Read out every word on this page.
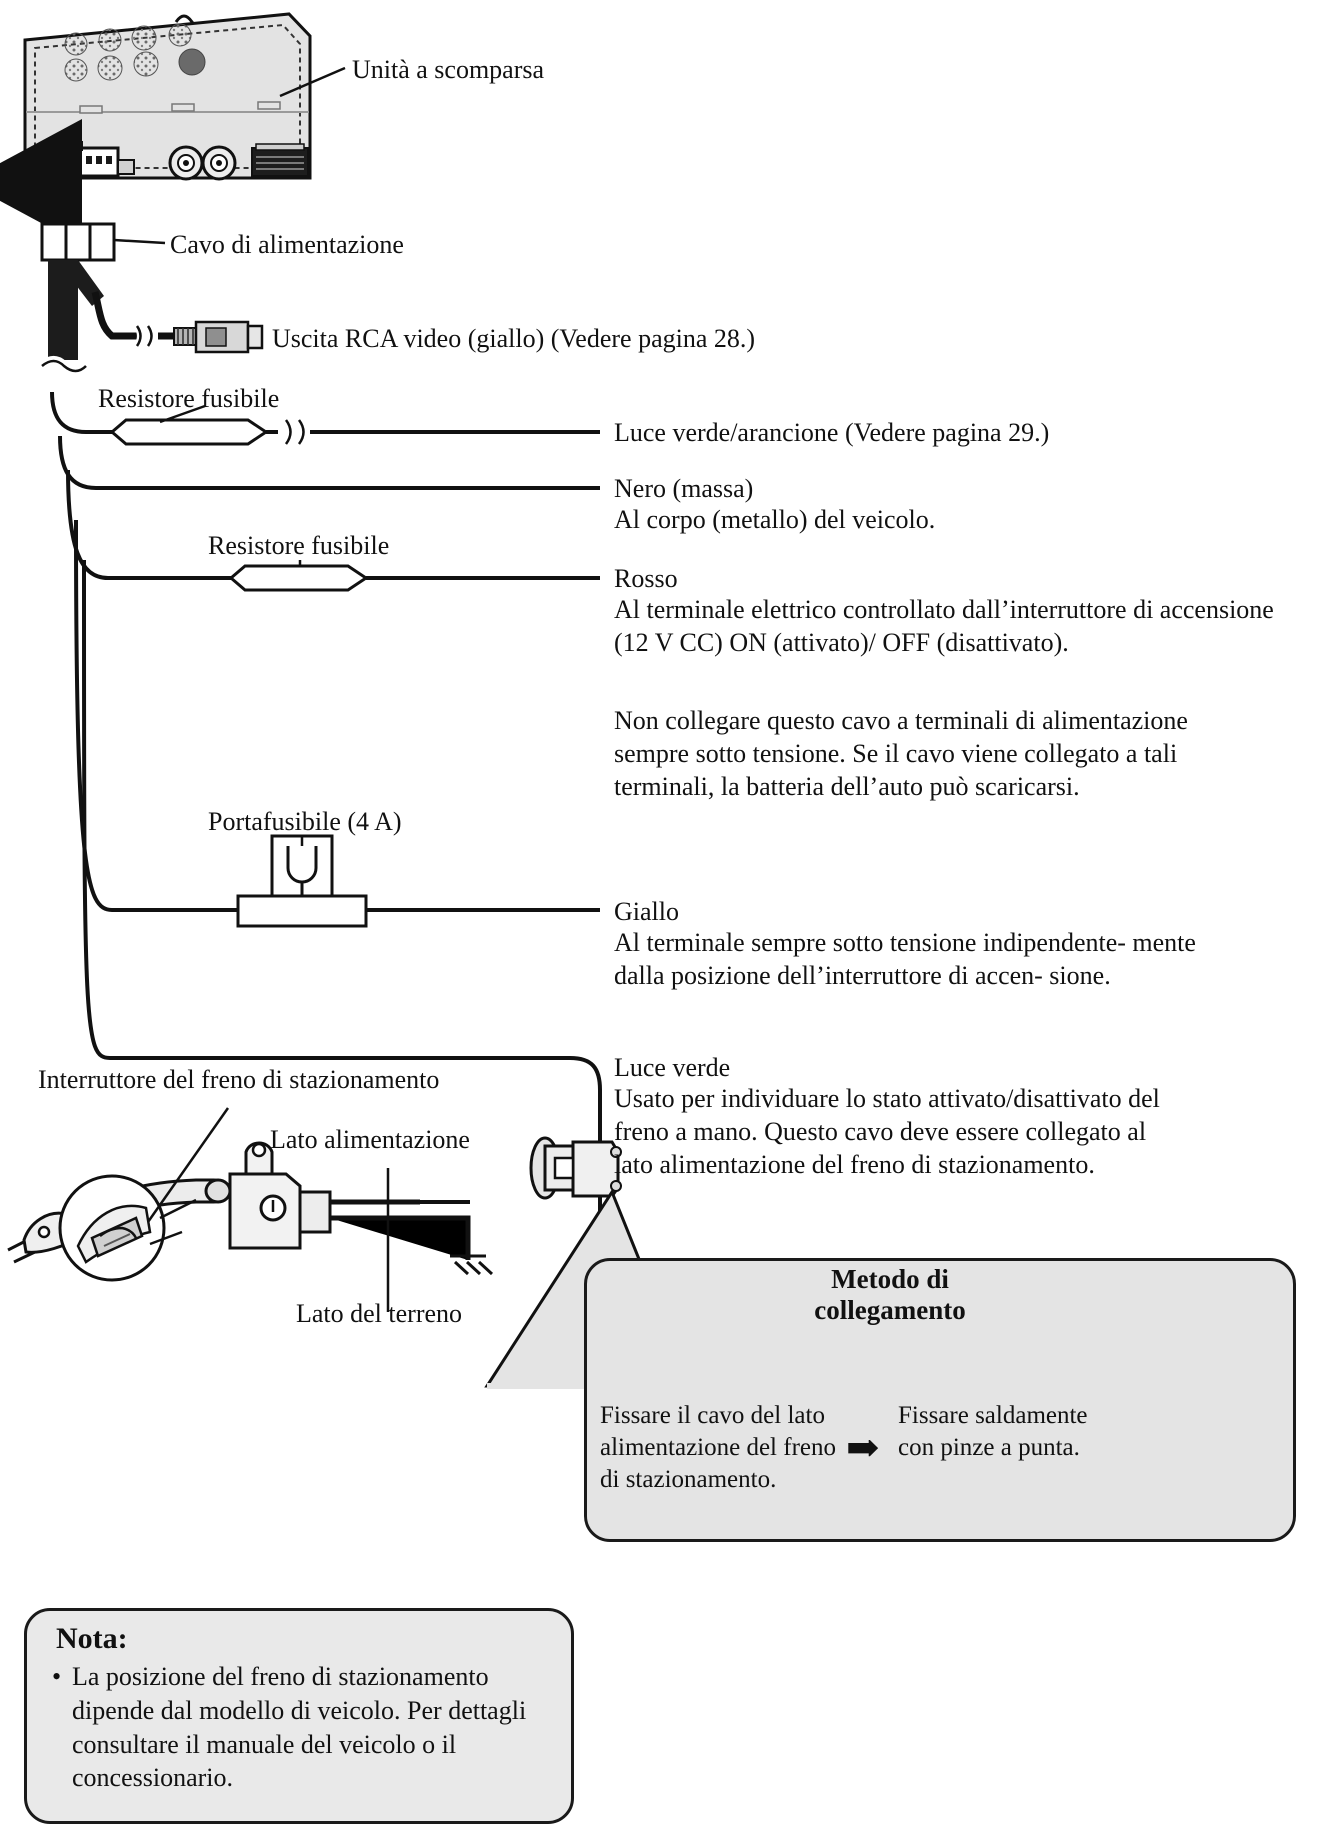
Unità a scomparsa
Cavo di alimentazione
Uscita RCA video (giallo) (Vedere pagina 28.)
Resistore fusibile
Resistore fusibile
Portafusibile (4 A)
Interruttore del freno di stazionamento
Lato alimentazione
Lato del terreno
Luce verde/arancione (Vedere pagina 29.)
Nero (massa)
Al corpo (metallo) del veicolo.
Rosso
Al terminale elettrico controllato dall’interruttore di accensione (12 V CC) ON (attivato)/ OFF (disattivato).
Non collegare questo cavo a terminali di alimentazione sempre sotto tensione. Se il cavo viene collegato a tali terminali, la batteria dell’auto può scaricarsi.
Giallo
Al terminale sempre sotto tensione indipendente- mente dalla posizione dell’interruttore di accen- sione.
Luce verde
Usato per individuare lo stato attivato/disattivato del freno a mano. Questo cavo deve essere collegato al lato alimentazione del freno di stazionamento.
Metodo di collegamento
Fissare il cavo del lato alimentazione del freno di stazionamento.
➡
Fissare saldamente con pinze a punta.
Nota:
• La posizione del freno di stazionamento dipende dal modello di veicolo. Per dettagli consultare il manuale del veicolo o il concessionario.
